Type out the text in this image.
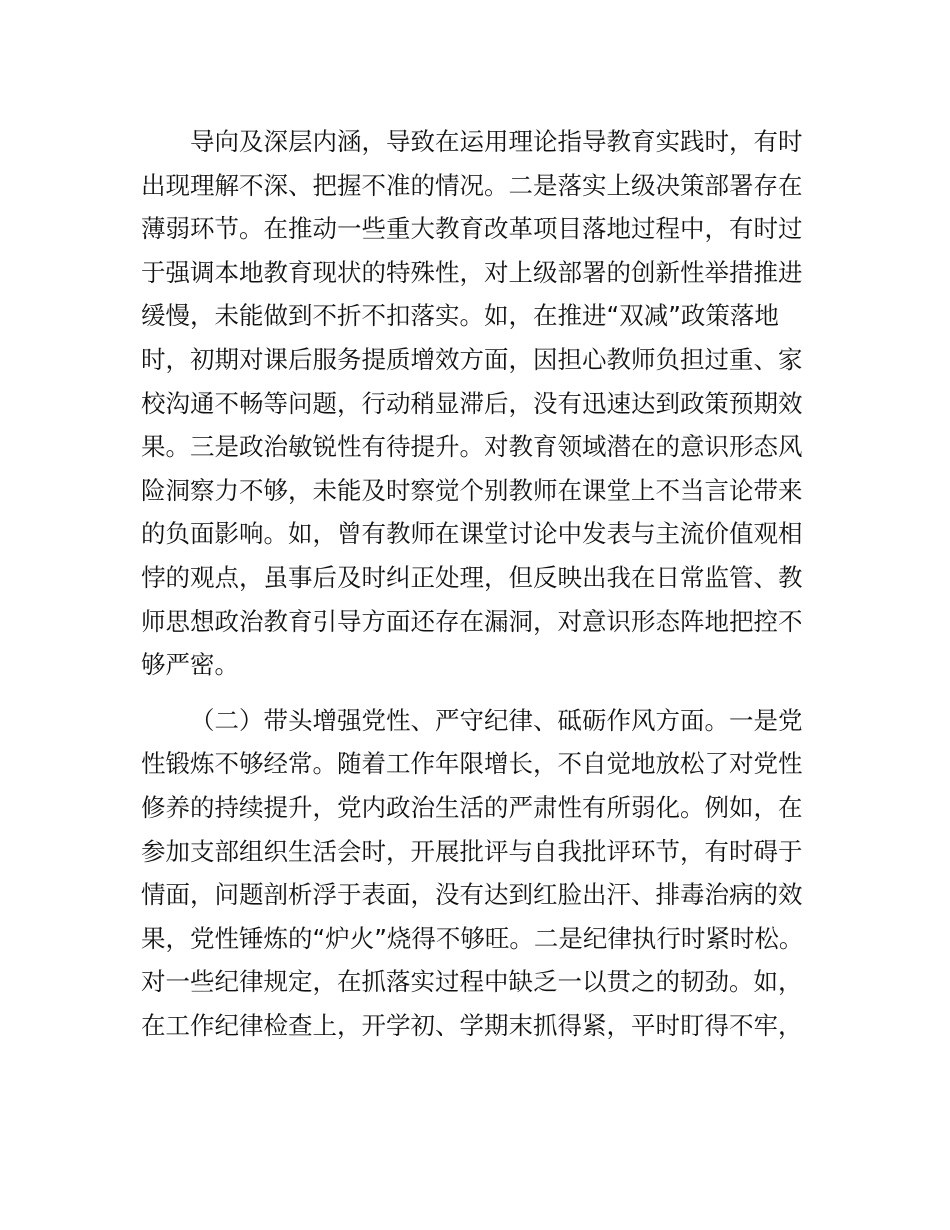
导向及深层内涵，导致在运用理论指导教育实践时，有时
出现理解不深、把握不准的情况。二是落实上级决策部署存在
薄弱环节。在推动一些重大教育改革项目落地过程中，有时过
于强调本地教育现状的特殊性，对上级部署的创新性举措推进
缓慢，未能做到不折不扣落实。如，在推进“双减”政策落地
时，初期对课后服务提质增效方面，因担心教师负担过重、家
校沟通不畅等问题，行动稍显滞后，没有迅速达到政策预期效
果。三是政治敏锐性有待提升。对教育领域潜在的意识形态风
险洞察力不够，未能及时察觉个别教师在课堂上不当言论带来
的负面影响。如，曾有教师在课堂讨论中发表与主流价值观相
悖的观点，虽事后及时纠正处理，但反映出我在日常监管、教
师思想政治教育引导方面还存在漏洞，对意识形态阵地把控不
够严密。
（二）带头增强党性、严守纪律、砥砺作风方面。一是党
性锻炼不够经常。随着工作年限增长，不自觉地放松了对党性
修养的持续提升，党内政治生活的严肃性有所弱化。例如，在
参加支部组织生活会时，开展批评与自我批评环节，有时碍于
情面，问题剖析浮于表面，没有达到红脸出汗、排毒治病的效
果，党性锤炼的“炉火”烧得不够旺。二是纪律执行时紧时松。
对一些纪律规定，在抓落实过程中缺乏一以贯之的韧劲。如，
在工作纪律检查上，开学初、学期末抓得紧，平时盯得不牢，
